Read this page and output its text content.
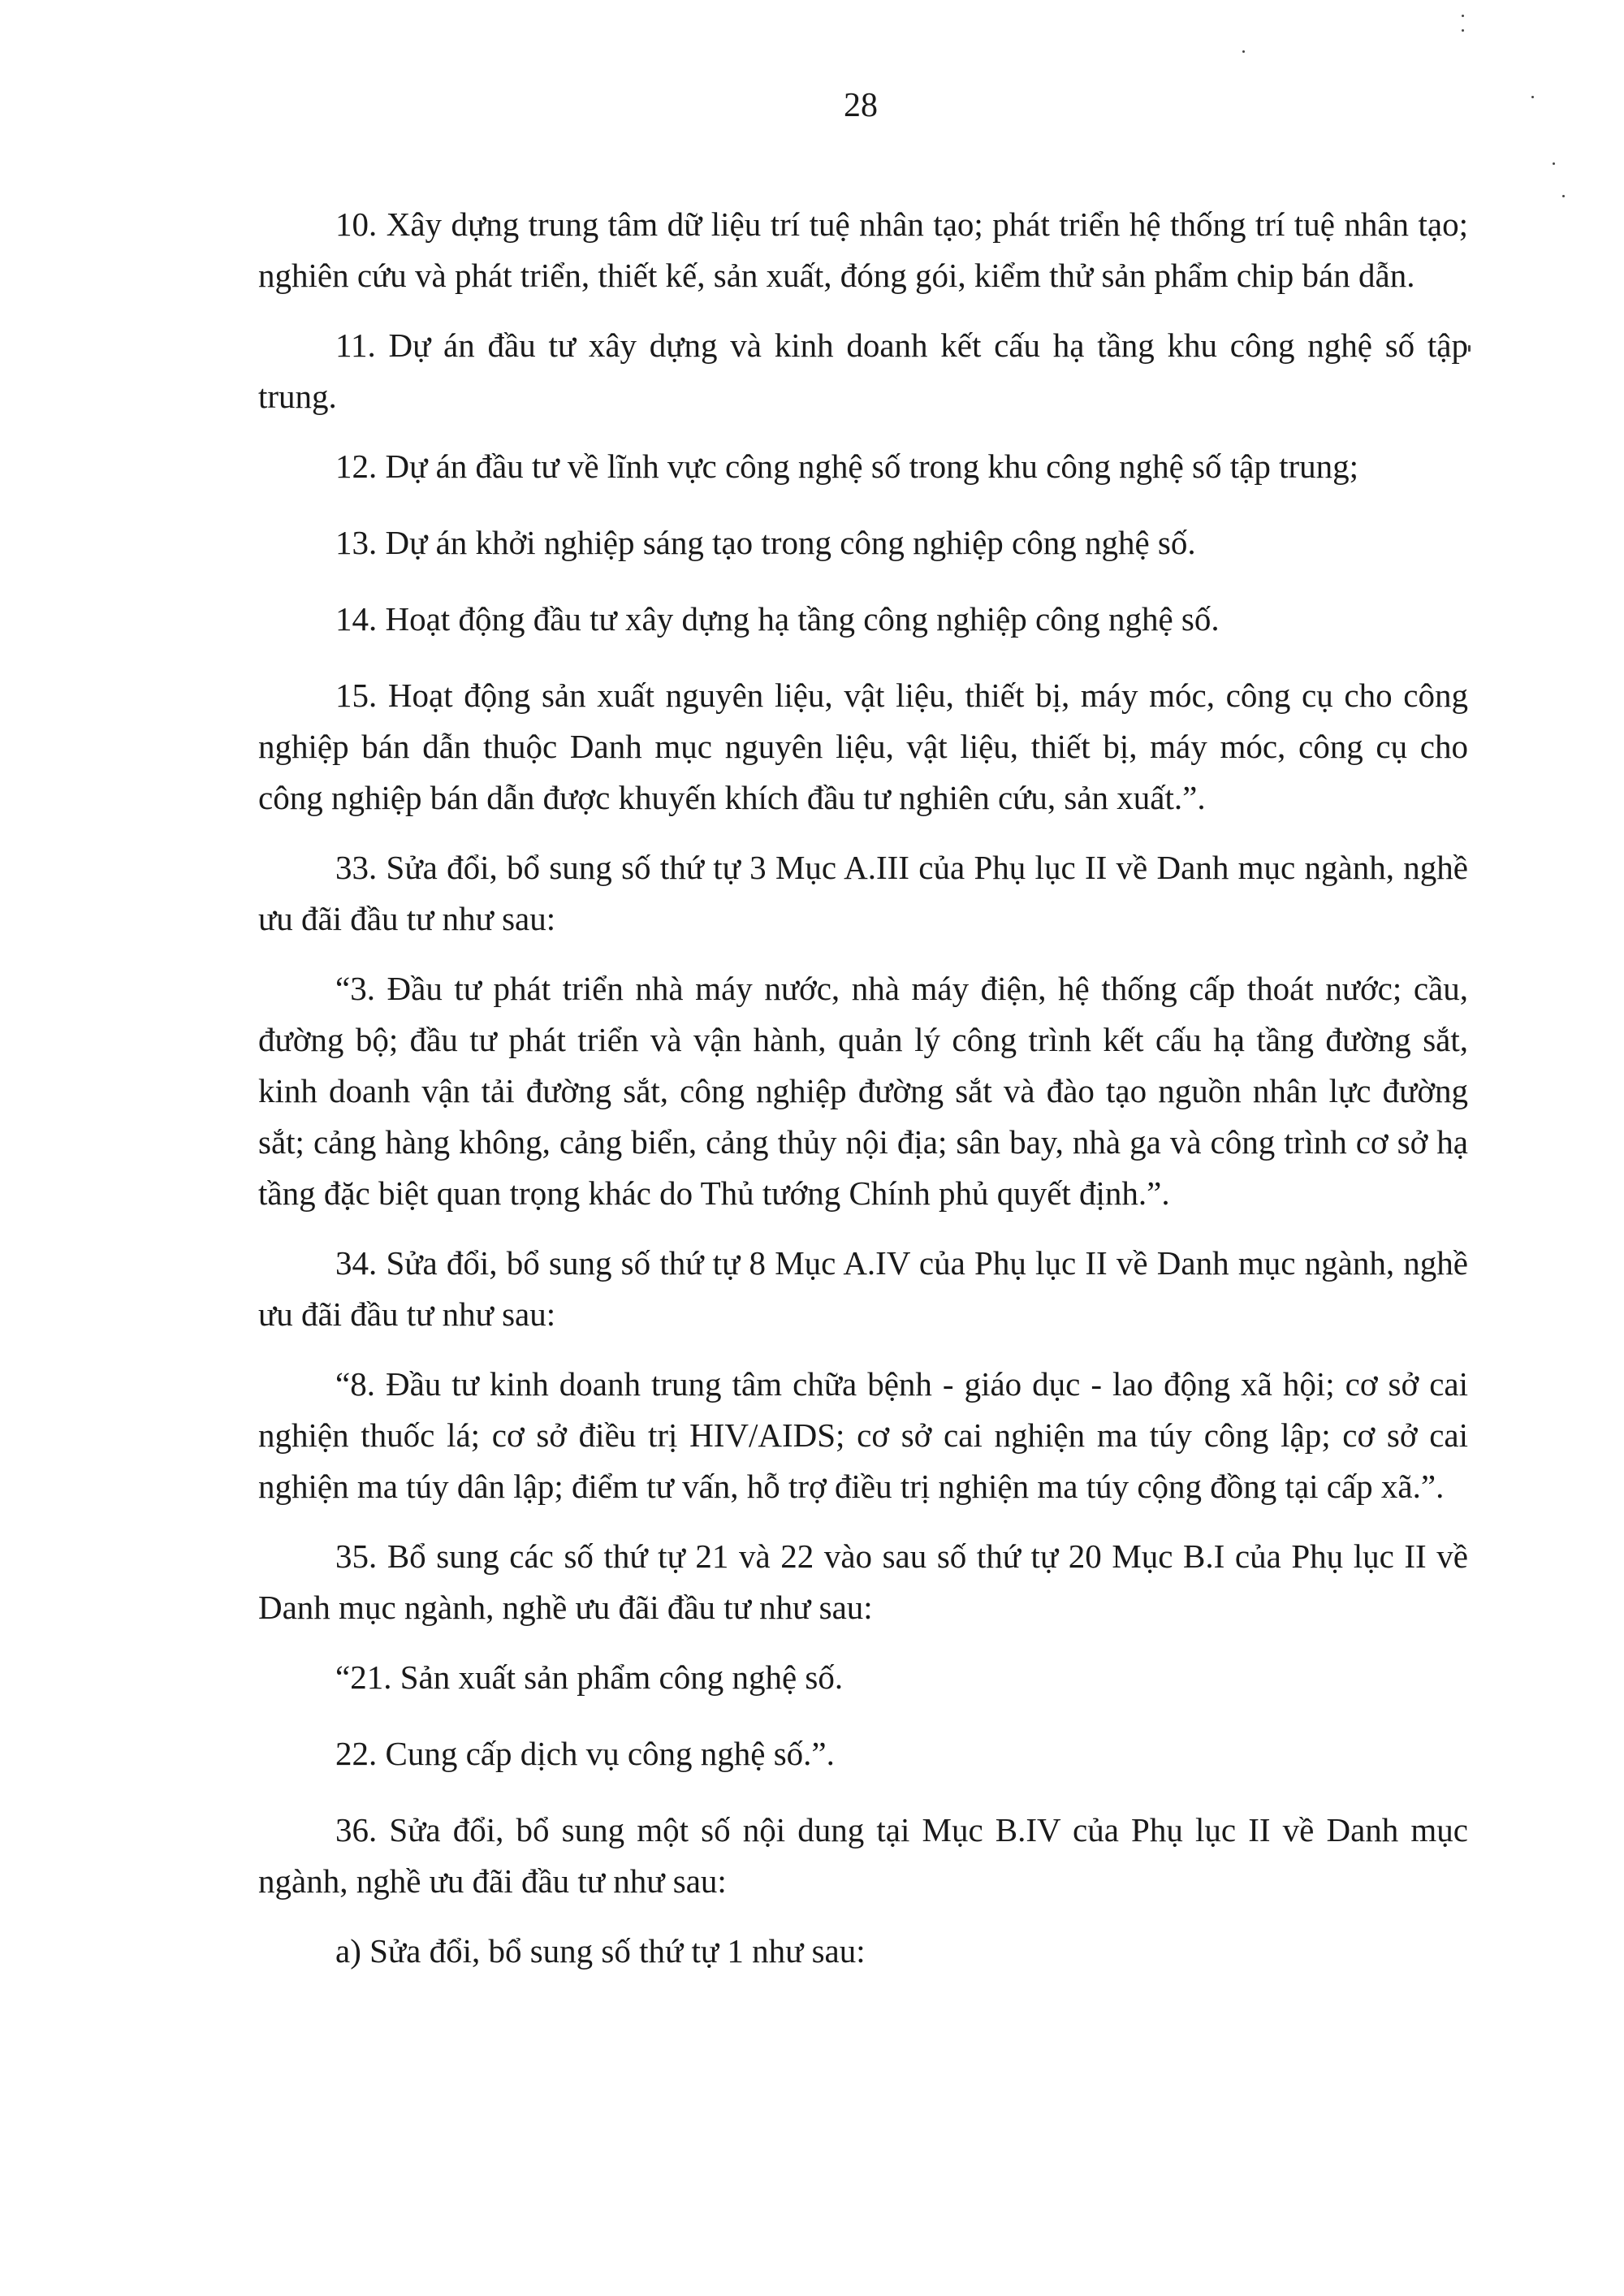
28

10. Xây dựng trung tâm dữ liệu trí tuệ nhân tạo; phát triển hệ thống trí tuệ nhân tạo; nghiên cứu và phát triển, thiết kế, sản xuất, đóng gói, kiểm thử sản phẩm chip bán dẫn.

11. Dự án đầu tư xây dựng và kinh doanh kết cấu hạ tầng khu công nghệ số tập trung.

12. Dự án đầu tư về lĩnh vực công nghệ số trong khu công nghệ số tập trung;

13. Dự án khởi nghiệp sáng tạo trong công nghiệp công nghệ số.

14. Hoạt động đầu tư xây dựng hạ tầng công nghiệp công nghệ số.

15. Hoạt động sản xuất nguyên liệu, vật liệu, thiết bị, máy móc, công cụ cho công nghiệp bán dẫn thuộc Danh mục nguyên liệu, vật liệu, thiết bị, máy móc, công cụ cho công nghiệp bán dẫn được khuyến khích đầu tư nghiên cứu, sản xuất.”.

33. Sửa đổi, bổ sung số thứ tự 3 Mục A.III của Phụ lục II về Danh mục ngành, nghề ưu đãi đầu tư như sau:

“3. Đầu tư phát triển nhà máy nước, nhà máy điện, hệ thống cấp thoát nước; cầu, đường bộ; đầu tư phát triển và vận hành, quản lý công trình kết cấu hạ tầng đường sắt, kinh doanh vận tải đường sắt, công nghiệp đường sắt và đào tạo nguồn nhân lực đường sắt; cảng hàng không, cảng biển, cảng thủy nội địa; sân bay, nhà ga và công trình cơ sở hạ tầng đặc biệt quan trọng khác do Thủ tướng Chính phủ quyết định.”.

34. Sửa đổi, bổ sung số thứ tự 8 Mục A.IV của Phụ lục II về Danh mục ngành, nghề ưu đãi đầu tư như sau:

“8. Đầu tư kinh doanh trung tâm chữa bệnh - giáo dục - lao động xã hội; cơ sở cai nghiện thuốc lá; cơ sở điều trị HIV/AIDS; cơ sở cai nghiện ma túy công lập; cơ sở cai nghiện ma túy dân lập; điểm tư vấn, hỗ trợ điều trị nghiện ma túy cộng đồng tại cấp xã.”.

35. Bổ sung các số thứ tự 21 và 22 vào sau số thứ tự 20 Mục B.I của Phụ lục II về Danh mục ngành, nghề ưu đãi đầu tư như sau:

“21. Sản xuất sản phẩm công nghệ số.

22. Cung cấp dịch vụ công nghệ số.”.

36. Sửa đổi, bổ sung một số nội dung tại Mục B.IV của Phụ lục II về Danh mục ngành, nghề ưu đãi đầu tư như sau:

a) Sửa đổi, bổ sung số thứ tự 1 như sau:
